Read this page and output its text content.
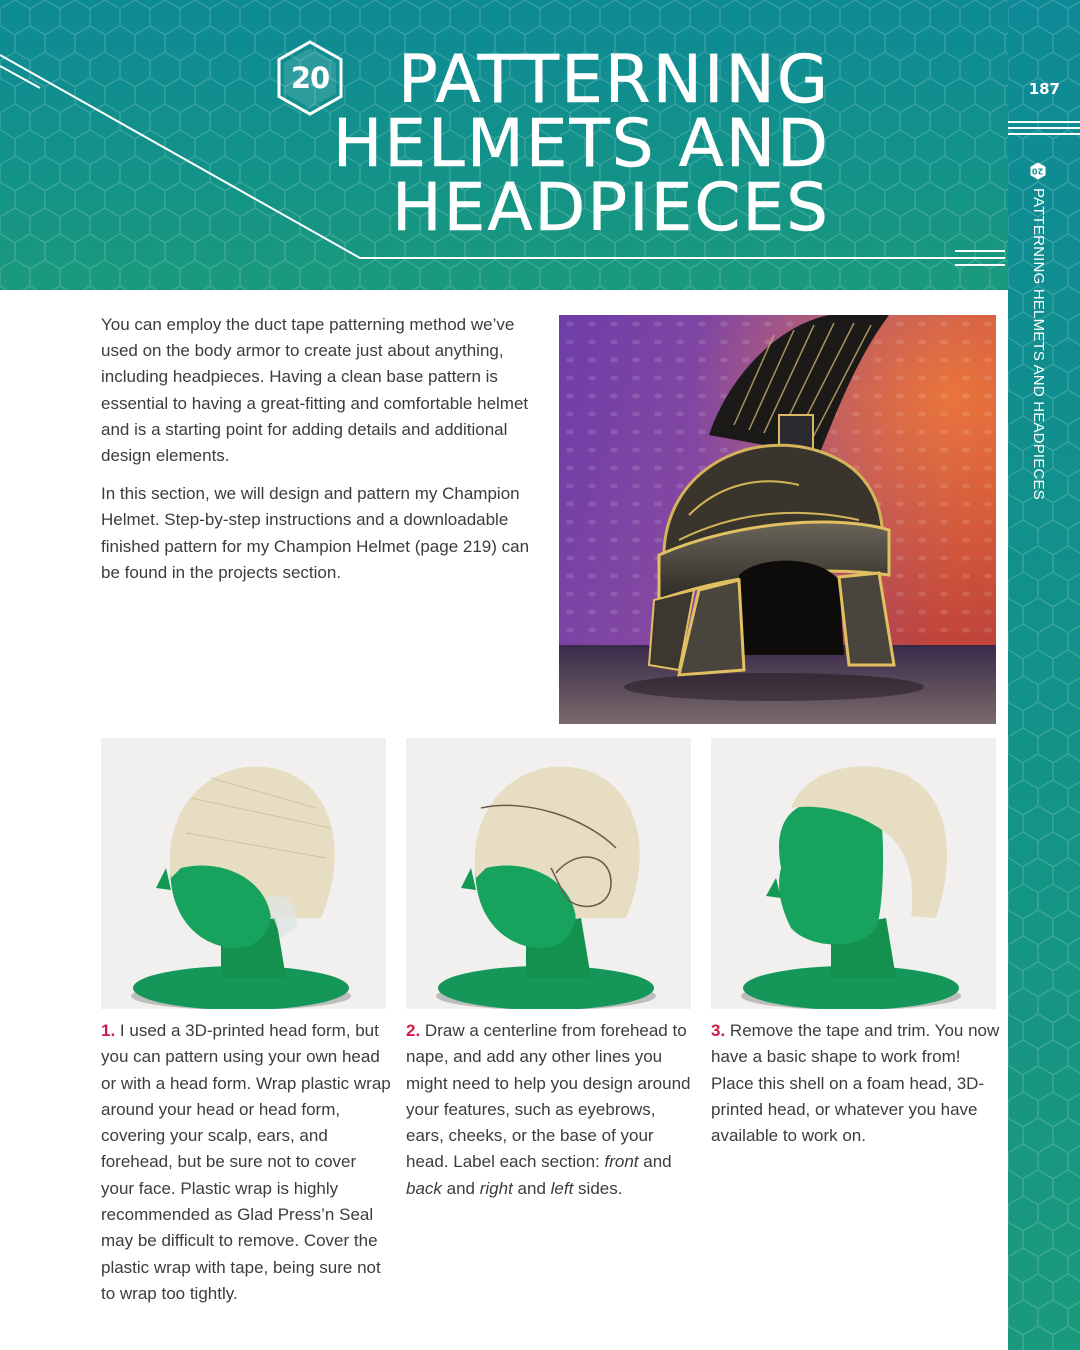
187
20
PATTERNING HELMETS AND HEADPIECES
20	PATTERNING
HELMETS AND
HEADPIECES

You can employ the duct tape patterning method we’ve used on the body armor to create just about anything, including headpieces. Having a clean base pattern is essential to having a great-fitting and comfortable helmet and is a starting point for adding details and additional design elements.

In this section, we will design and pattern my Champion Helmet. Step-by-step instructions and a downloadable finished pattern for my Champion Helmet (page 219) can be found in the projects section.

1. I used a 3D-printed head form, but you can pattern using your own head or with a head form. Wrap plastic wrap around your head or head form, covering your scalp, ears, and forehead, but be sure not to cover your face. Plastic wrap is highly recommended as Glad Press’n Seal may be difficult to remove. Cover the plastic wrap with tape, being sure not to wrap too tightly.
2. Draw a centerline from forehead to nape, and add any other lines you might need to help you design around your features, such as eyebrows, ears, cheeks, or the base of your head. Label each section: front and back and right and left sides.
3. Remove the tape and trim. You now have a basic shape to work from! Place this shell on a foam head, 3D-printed head, or whatever you have available to work on.
